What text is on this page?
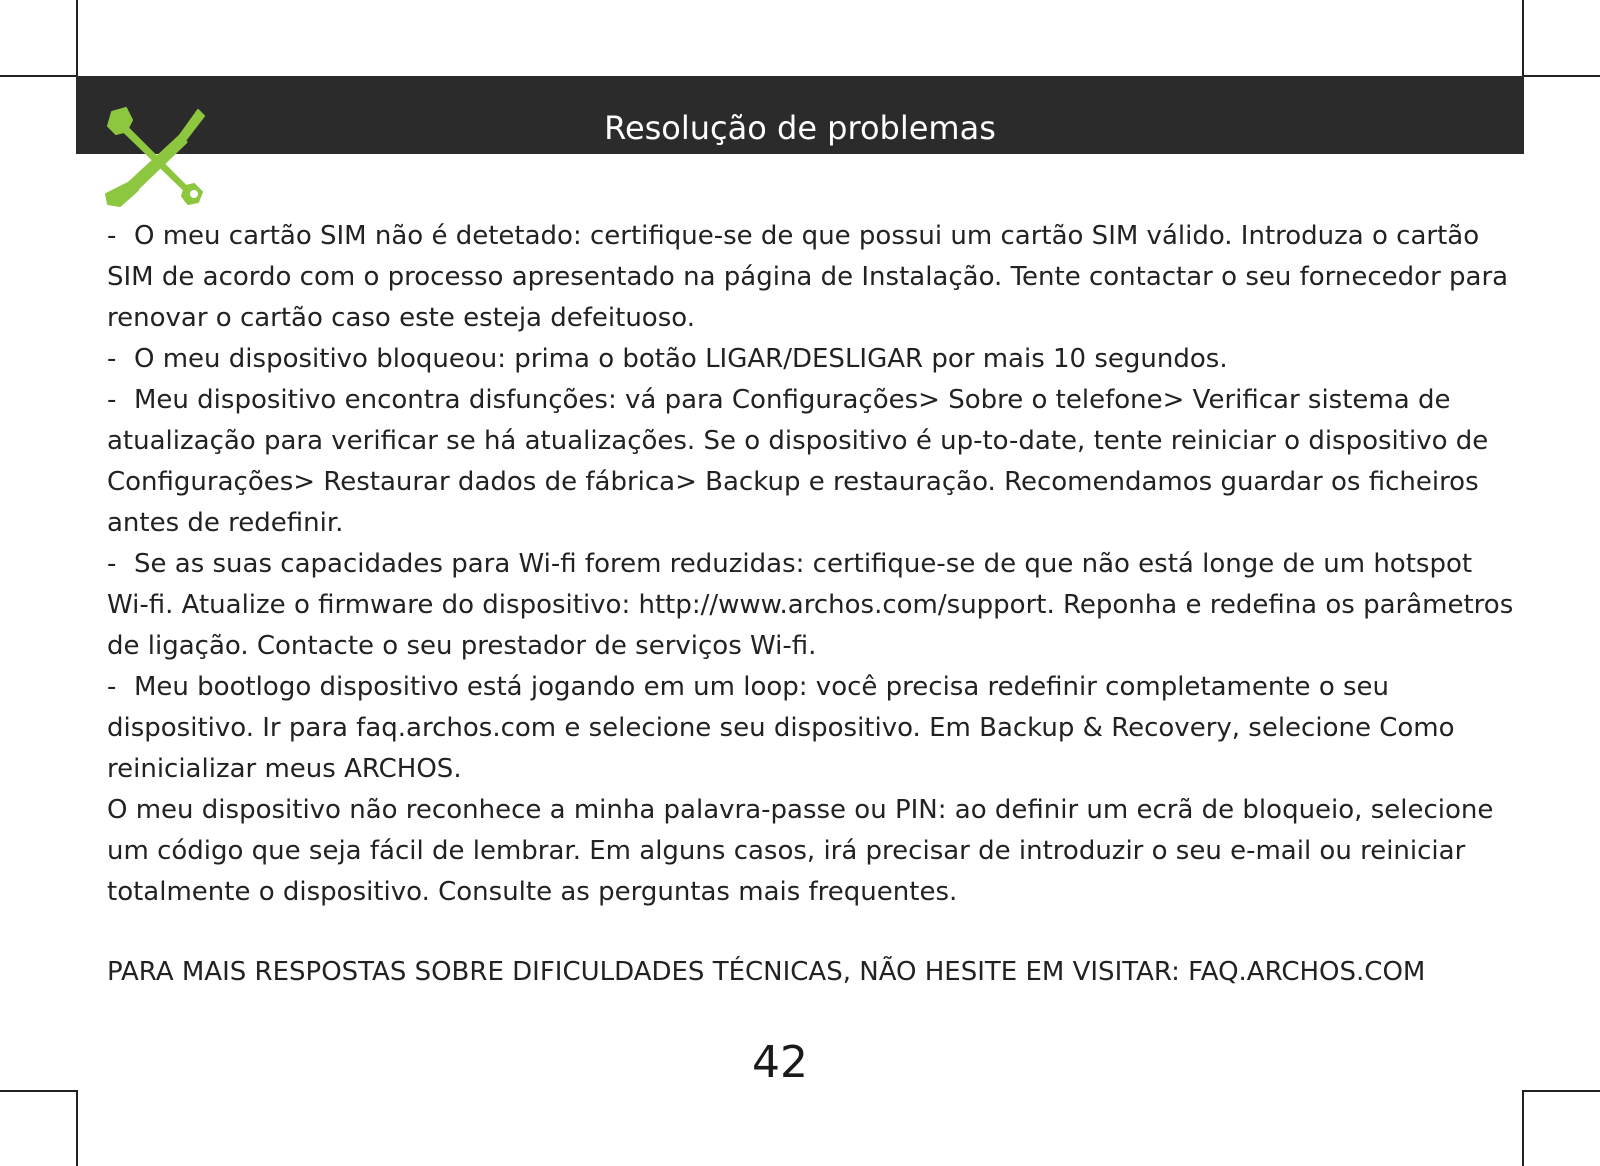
Resolução de problemas

- O meu cartão SIM não é detetado: certifique-se de que possui um cartão SIM válido. Introduza o cartão SIM de acordo com o processo apresentado na página de Instalação. Tente contactar o seu fornecedor para renovar o cartão caso este esteja defeituoso.

- O meu dispositivo bloqueou: prima o botão LIGAR/DESLIGAR por mais 10 segundos.

- Meu dispositivo encontra disfunções: vá para Configurações> Sobre o telefone> Verificar sistema de atualização para verificar se há atualizações. Se o dispositivo é up-to-date, tente reiniciar o dispositivo de Configurações> Restaurar dados de fábrica> Backup e restauração. Recomendamos guardar os ficheiros antes de redefinir.

- Se as suas capacidades para Wi-fi forem reduzidas: certifique-se de que não está longe de um hotspot Wi-fi. Atualize o firmware do dispositivo: http://www.archos.com/support. Reponha e redefina os parâmetros de ligação. Contacte o seu prestador de serviços Wi-fi.

- Meu bootlogo dispositivo está jogando em um loop: você precisa redefinir completamente o seu dispositivo. Ir para faq.archos.com e selecione seu dispositivo. Em Backup & Recovery, selecione Como reinicializar meus ARCHOS.

O meu dispositivo não reconhece a minha palavra-passe ou PIN: ao definir um ecrã de bloqueio, selecione um código que seja fácil de lembrar. Em alguns casos, irá precisar de introduzir o seu e-mail ou reiniciar totalmente o dispositivo. Consulte as perguntas mais frequentes.

PARA MAIS RESPOSTAS SOBRE DIFICULDADES TÉCNICAS, NÃO HESITE EM VISITAR: FAQ.ARCHOS.COM
42
